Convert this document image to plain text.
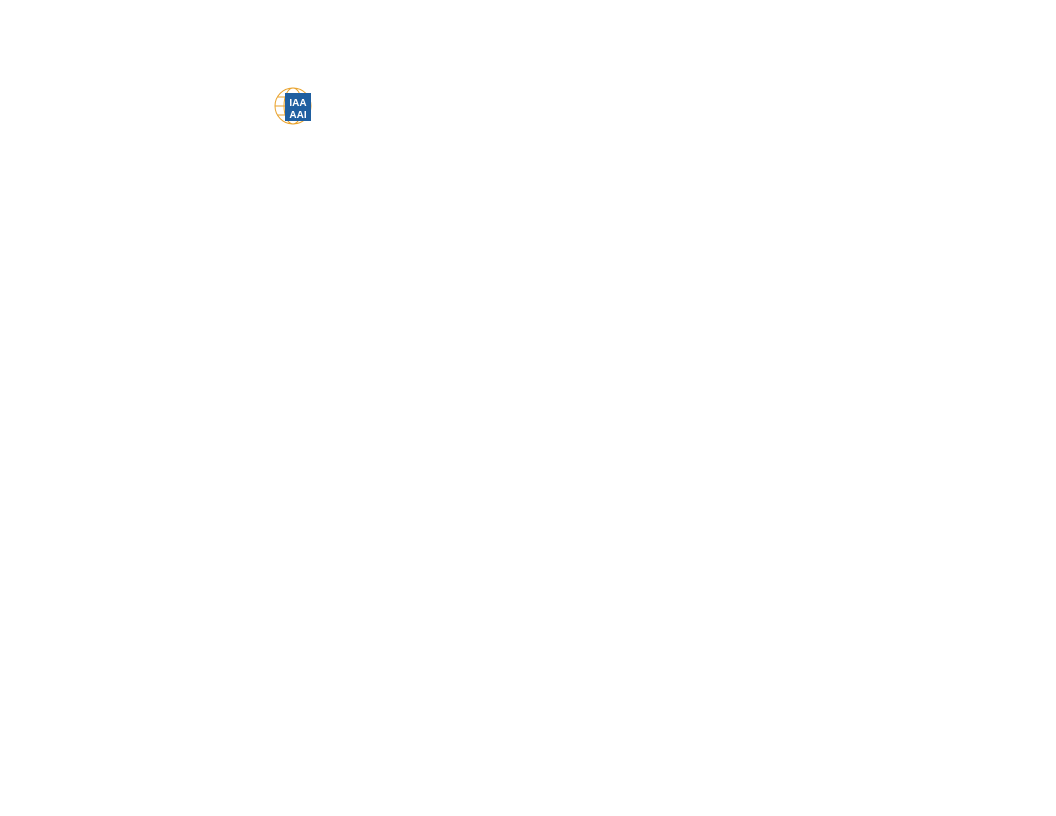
IAA
AAI
